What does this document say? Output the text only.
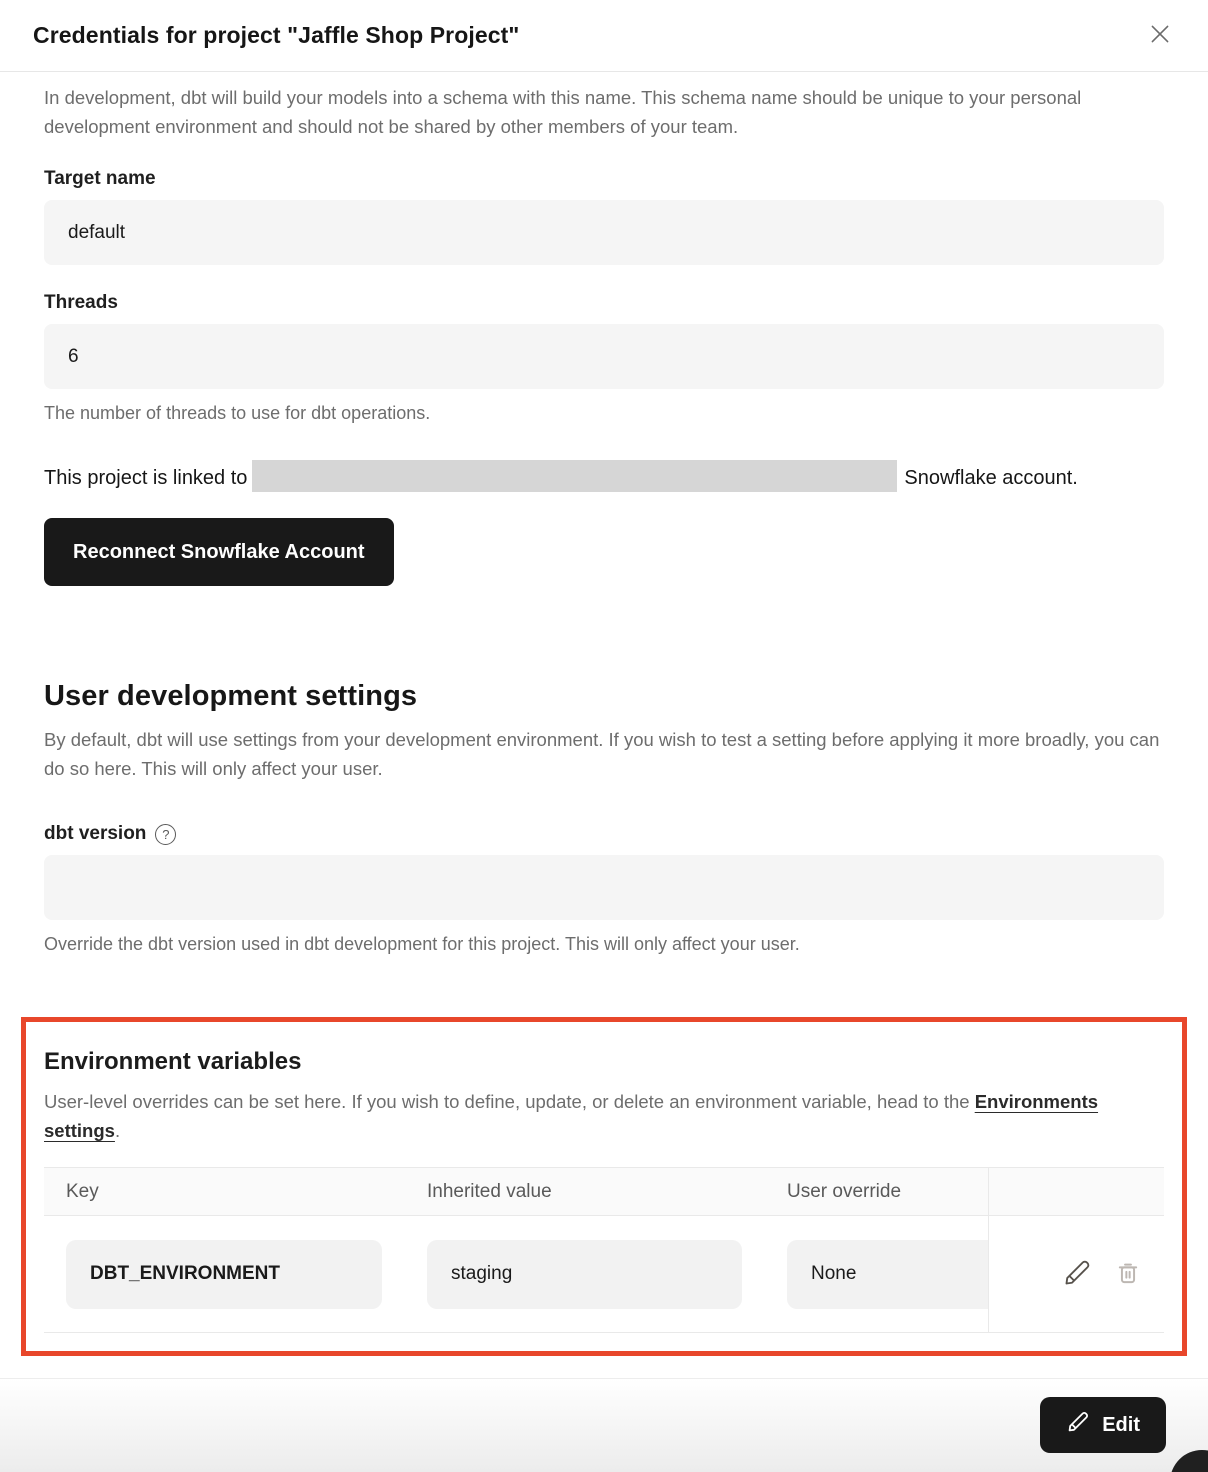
Credentials for project "Jaffle Shop Project"

In development, dbt will build your models into a schema with this name. This schema name should be unique to your personal development environment and should not be shared by other members of your team.

Target name
default
Threads
6
The number of threads to use for dbt operations.

This project is linked to	Snowflake account.

Reconnect Snowflake Account
User development settings

By default, dbt will use settings from your development environment. If you wish to test a setting before applying it more broadly, you can do so here. This will only affect your user.

dbt version	?
Override the dbt version used in dbt development for this project. This will only affect your user.
Environment variables

User-level overrides can be set here. If you wish to define, update, or delete an environment variable, head to the Environments settings.

Key	Inherited value	User override
DBT_ENVIRONMENT	staging	None
Edit
